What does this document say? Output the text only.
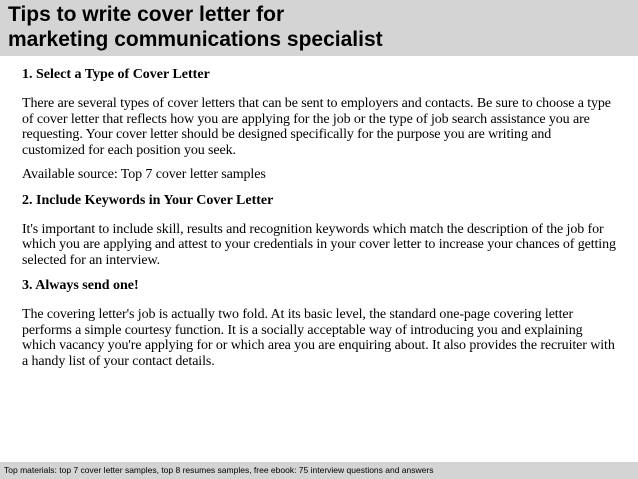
Tips to write cover letter for
marketing communications specialist
1. Select a Type of Cover Letter

There are several types of cover letters that can be sent to employers and contacts. Be sure to choose a type of cover letter that reflects how you are applying for the job or the type of job search assistance you are requesting. Your cover letter should be designed specifically for the purpose you are writing and customized for each position you seek.

Available source: Top 7 cover letter samples

2. Include Keywords in Your Cover Letter

It's important to include skill, results and recognition keywords which match the description of the job for which you are applying and attest to your credentials in your cover letter to increase your chances of getting selected for an interview.

3. Always send one!

The covering letter's job is actually two fold. At its basic level, the standard one-page covering letter performs a simple courtesy function. It is a socially acceptable way of introducing you and explaining which vacancy you're applying for or which area you are enquiring about. It also provides the recruiter with a handy list of your contact details.

Top materials: top 7 cover letter samples, top 8 resumes samples, free ebook: 75 interview questions and answers
